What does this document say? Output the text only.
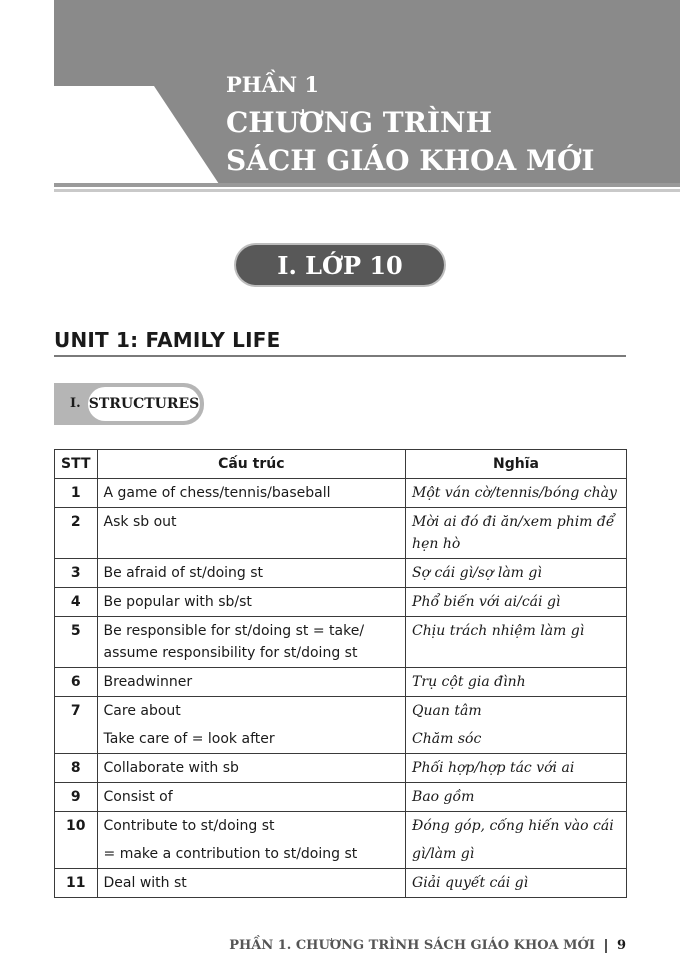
PHẦN 1
CHƯƠNG TRÌNH
SÁCH GIÁO KHOA MỚI
I. LỚP 10
UNIT 1: FAMILY LIFE
I. STRUCTURES
STT	Cấu trúc	Nghĩa
1	A game of chess/tennis/baseball	Một ván cờ/tennis/bóng chày

2	Ask sb out	Mời ai đó đi ăn/xem phim để
hẹn hò

3	Be afraid of st/doing st	Sợ cái gì/sợ làm gì

4	Be popular with sb/st	Phổ biến với ai/cái gì

5	Be responsible for st/doing st = take/
assume responsibility for st/doing st	Chịu trách nhiệm làm gì

6	Breadwinner	Trụ cột gia đình

7	Care about
Take care of = look after	Quan tâm
Chăm sóc

8	Collaborate with sb	Phối hợp/hợp tác với ai

9	Consist of	Bao gồm

10	Contribute to st/doing st
= make a contribution to st/doing st	Đóng góp, cống hiến vào cái
gì/làm gì

11	Deal with st	Giải quyết cái gì
PHẦN 1. CHƯƠNG TRÌNH SÁCH GIÁO KHOA MỚI 9
